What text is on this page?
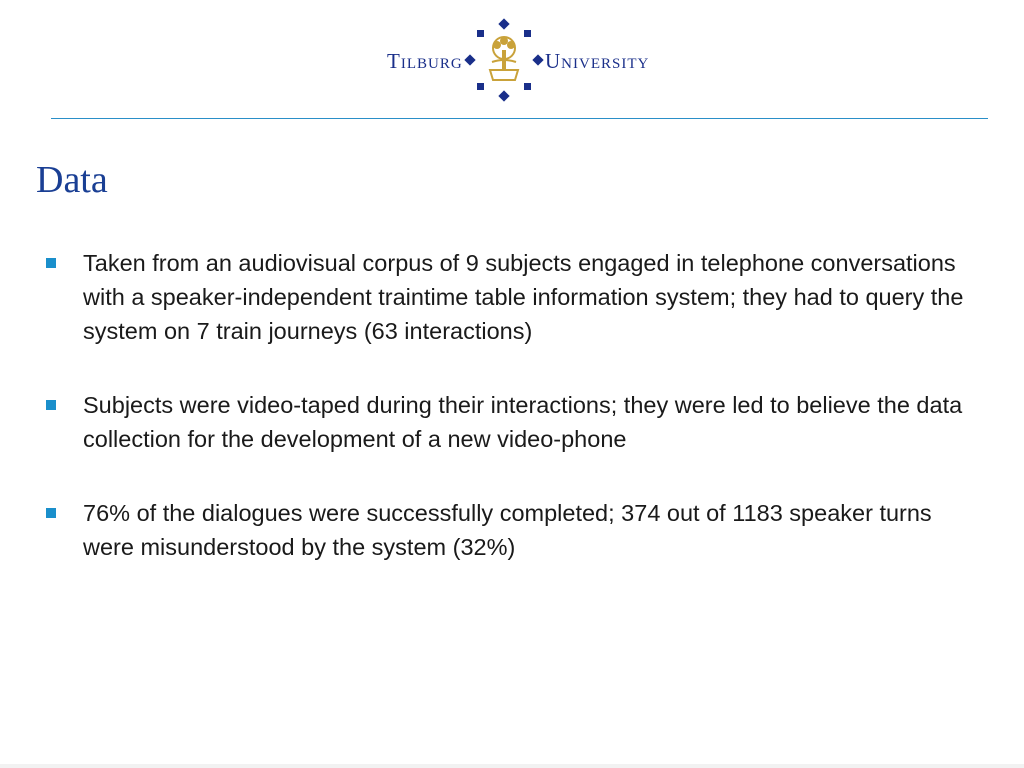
Tilburg	University
Data
Taken from an audiovisual corpus of 9 subjects engaged in telephone conversations with a speaker-independent traintime table information system; they had to query the system on 7 train journeys (63 interactions)
Subjects were video-taped during their interactions; they were led to believe the data collection for the development of a new video-phone
76% of the dialogues were successfully completed; 374 out of 1183 speaker turns were misunderstood by the system (32%)
